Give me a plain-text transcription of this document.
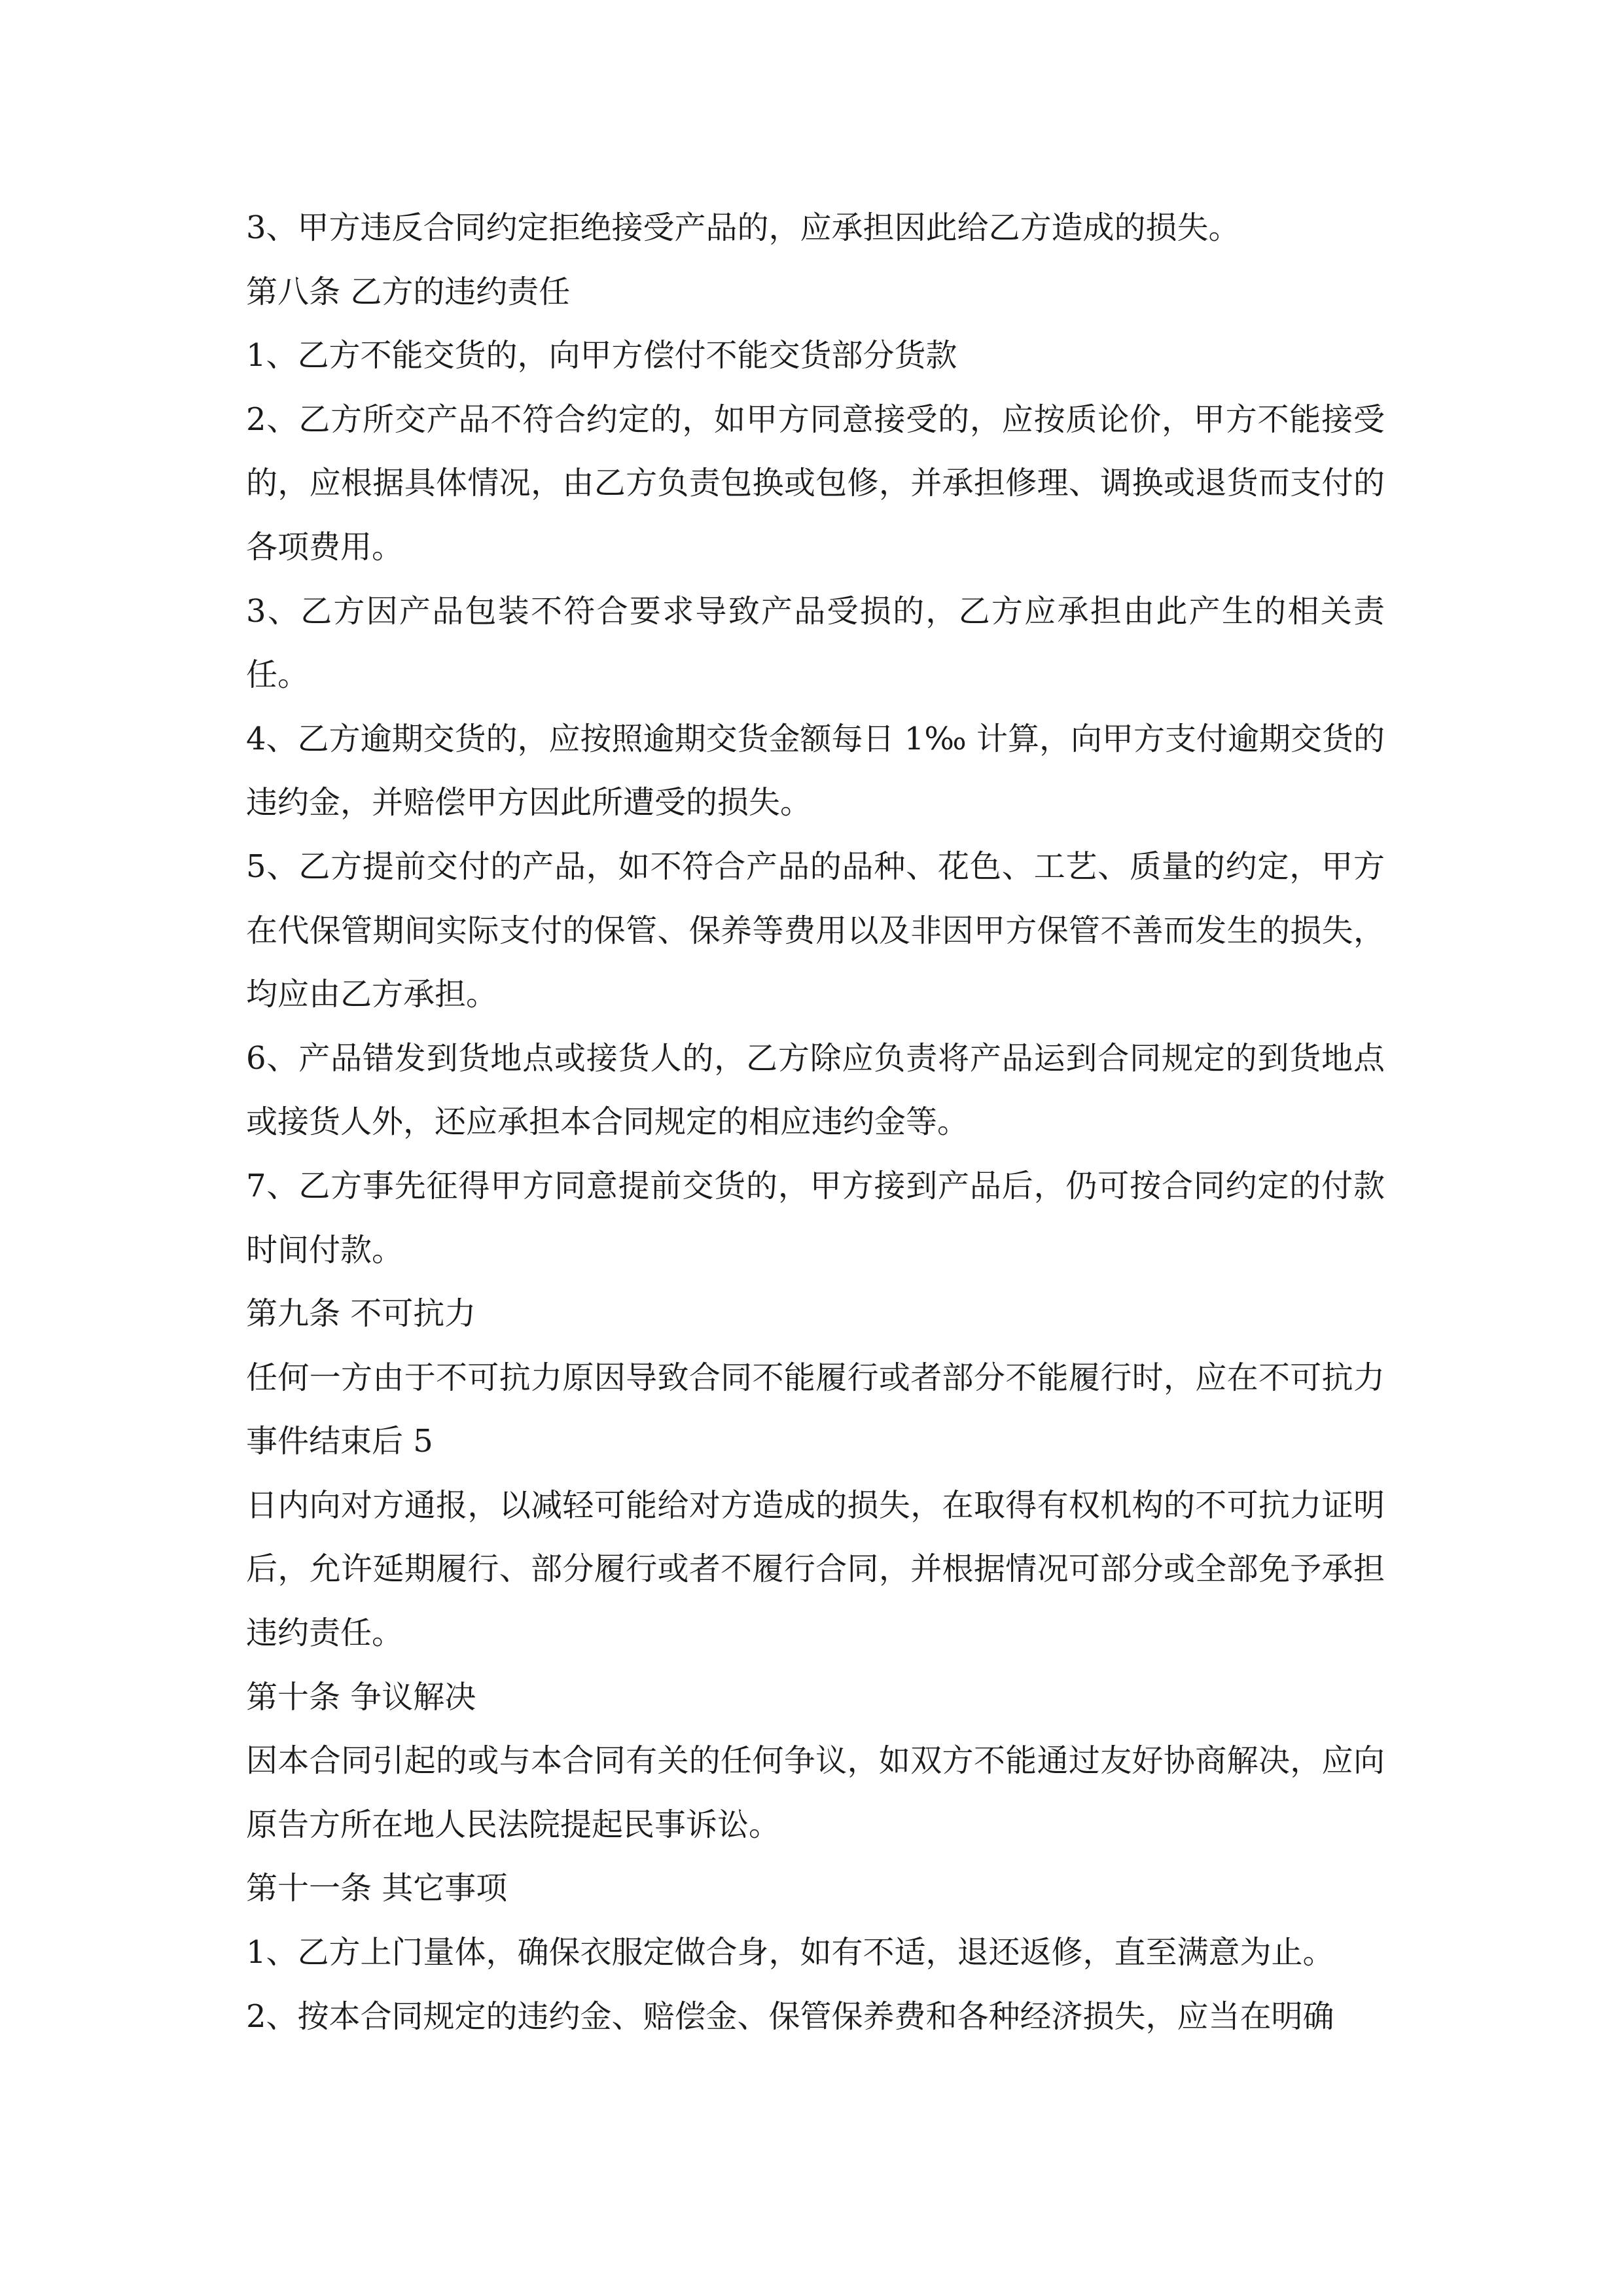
3、甲方违反合同约定拒绝接受产品的，应承担因此给乙方造成的损失。

第八条 乙方的违约责任

1、乙方不能交货的，向甲方偿付不能交货部分货款

2、乙方所交产品不符合约定的，如甲方同意接受的，应按质论价，甲方不能接受的，应根据具体情况，由乙方负责包换或包修，并承担修理、调换或退货而支付的各项费用。

3、乙方因产品包装不符合要求导致产品受损的，乙方应承担由此产生的相关责任。

4、乙方逾期交货的，应按照逾期交货金额每日 1‰ 计算，向甲方支付逾期交货的违约金，并赔偿甲方因此所遭受的损失。

5、乙方提前交付的产品，如不符合产品的品种、花色、工艺、质量的约定，甲方在代保管期间实际支付的保管、保养等费用以及非因甲方保管不善而发生的损失，均应由乙方承担。

6、产品错发到货地点或接货人的，乙方除应负责将产品运到合同规定的到货地点或接货人外，还应承担本合同规定的相应违约金等。

7、乙方事先征得甲方同意提前交货的，甲方接到产品后，仍可按合同约定的付款时间付款。

第九条 不可抗力

任何一方由于不可抗力原因导致合同不能履行或者部分不能履行时，应在不可抗力事件结束后 5

日内向对方通报，以减轻可能给对方造成的损失，在取得有权机构的不可抗力证明后，允许延期履行、部分履行或者不履行合同，并根据情况可部分或全部免予承担违约责任。

第十条 争议解决

因本合同引起的或与本合同有关的任何争议，如双方不能通过友好协商解决，应向原告方所在地人民法院提起民事诉讼。

第十一条 其它事项

1、乙方上门量体，确保衣服定做合身，如有不适，退还返修，直至满意为止。

2、按本合同规定的违约金、赔偿金、保管保养费和各种经济损失，应当在明确
